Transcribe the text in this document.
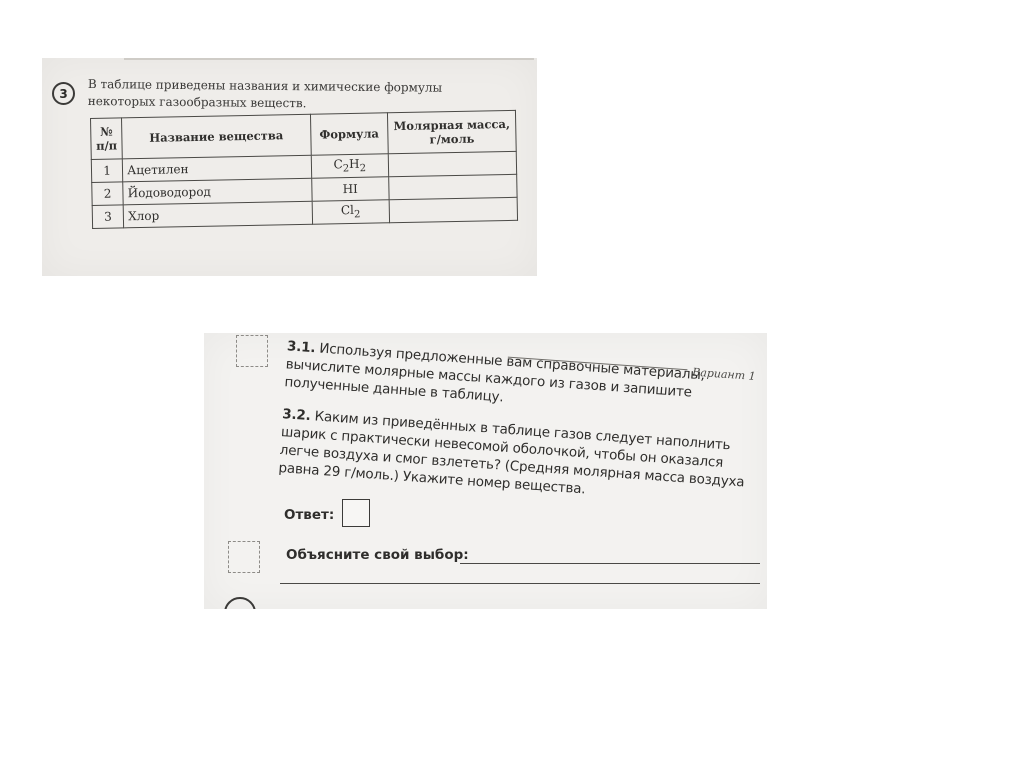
3	В таблице приведены названия и химические формулы некоторых газообразных веществ.
№ п/п	Название вещества	Формула	Молярная масса, г/моль
1	Ацетилен	$C_2H_2$	
2	Йодоводород	HI	
3	Хлор	$Cl_2$	
Вариант 1
3.1. Используя предложенные вам справочные материалы, вычислите молярные массы каждого из газов и запишите полученные данные в таблицу.
3.2. Каким из приведённых в таблице газов следует наполнить шарик с практически невесомой оболочкой, чтобы он оказался легче воздуха и смог взлететь? (Средняя молярная масса воздуха равна 29 г/моль.) Укажите номер вещества.
Ответ:
Объясните свой выбор:
